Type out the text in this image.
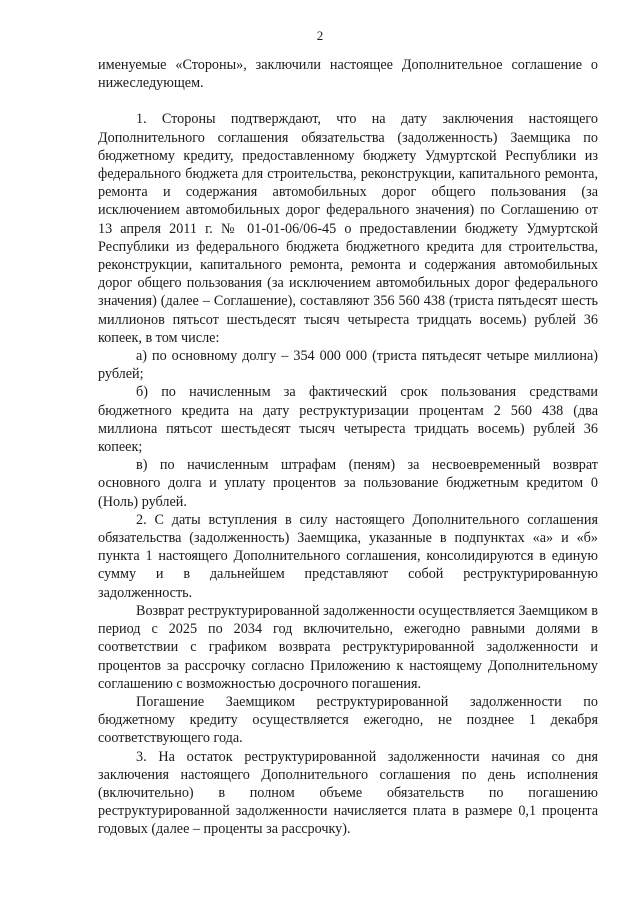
2

именуемые «Стороны», заключили настоящее Дополнительное соглашение о нижеследующем.

1. Стороны подтверждают, что на дату заключения настоящего Дополнительного соглашения обязательства (задолженность) Заемщика по бюджетному кредиту, предоставленному бюджету Удмуртской Республики из федерального бюджета для строительства, реконструкции, капитального ремонта, ремонта и содержания автомобильных дорог общего пользования (за исключением автомобильных дорог федерального значения) по Соглашению от 13 апреля 2011 г. № 01-01-06/06-45 о предоставлении бюджету Удмуртской Республики из федерального бюджета бюджетного кредита для строительства, реконструкции, капитального ремонта, ремонта и содержания автомобильных дорог общего пользования (за исключением автомобильных дорог федерального значения) (далее – Соглашение), составляют 356 560 438 (триста пятьдесят шесть миллионов пятьсот шестьдесят тысяч четыреста тридцать восемь) рублей 36 копеек, в том числе:

а) по основному долгу – 354 000 000 (триста пятьдесят четыре миллиона) рублей;

б) по начисленным за фактический срок пользования средствами бюджетного кредита на дату реструктуризации процентам 2 560 438 (два миллиона пятьсот шестьдесят тысяч четыреста тридцать восемь) рублей 36 копеек;

в) по начисленным штрафам (пеням) за несвоевременный возврат основного долга и уплату процентов за пользование бюджетным кредитом 0 (Ноль) рублей.

2. С даты вступления в силу настоящего Дополнительного соглашения обязательства (задолженность) Заемщика, указанные в подпунктах «а» и «б» пункта 1 настоящего Дополнительного соглашения, консолидируются в единую сумму и в дальнейшем представляют собой реструктурированную задолженность.

Возврат реструктурированной задолженности осуществляется Заемщиком в период с 2025 по 2034 год включительно, ежегодно равными долями в соответствии с графиком возврата реструктурированной задолженности и процентов за рассрочку согласно Приложению к настоящему Дополнительному соглашению с возможностью досрочного погашения.

Погашение Заемщиком реструктурированной задолженности по бюджетному кредиту осуществляется ежегодно, не позднее 1 декабря соответствующего года.

3. На остаток реструктурированной задолженности начиная со дня заключения настоящего Дополнительного соглашения по день исполнения (включительно) в полном объеме обязательств по погашению реструктурированной задолженности начисляется плата в размере 0,1 процента годовых (далее – проценты за рассрочку).
